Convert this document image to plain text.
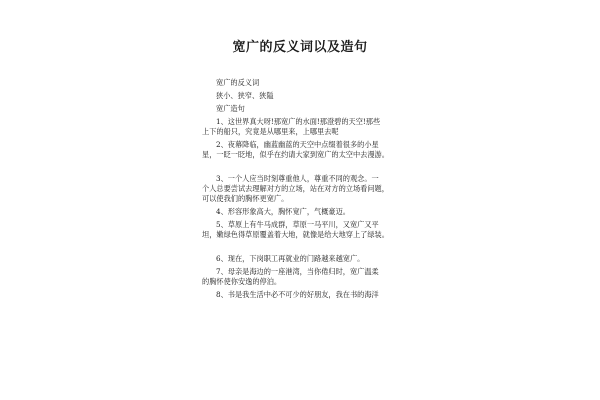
宽广的反义词以及造句
宽广的反义词
狭小、狭窄、狭隘
宽广造句
1、这世界真大呀!那宽广的水面!那澄碧的天空!那些
上下的船只，究竟是从哪里来，上哪里去呢
2、夜幕降临，幽蓝幽蓝的天空中点缀着很多的小星
星，一眨一眨地，似乎在约请大家到宽广的太空中去漫游。
3、一个人应当时刻尊重他人，尊重不同的观念。一
个人总要尝试去理解对方的立场，站在对方的立场看问题，
可以使我们的胸怀更宽广。
4、形容形象高大，胸怀宽广，气概豪迈。
5、草原上有牛马成群，草原一马平川，又宽广又平
坦，嫩绿色得草原覆盖着大地，就像是给大地穿上了绿装。
6、现在，下岗职工再就业的门路越来越宽广。
7、母亲是海边的一座港湾，当你倦归时，宽广温柔
的胸怀使你安逸的停泊。
8、书是我生活中必不可少的好朋友，我在书的海洋
